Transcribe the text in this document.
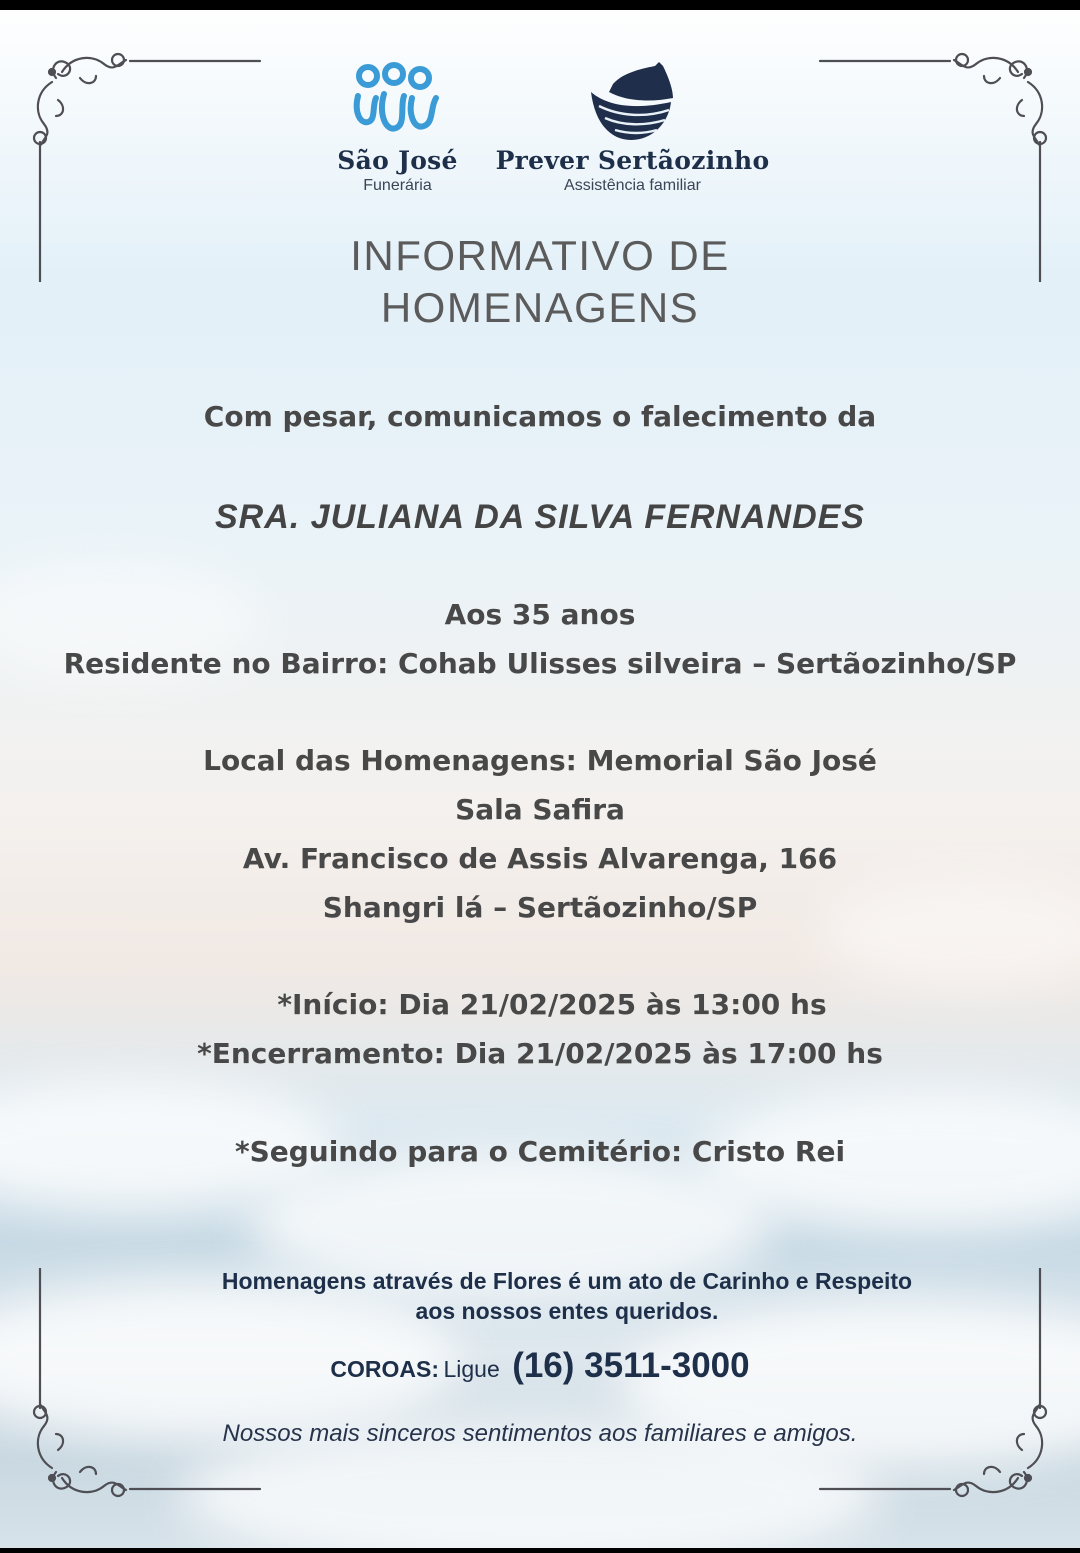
São José
Funerária
Prever Sertãozinho
Assistência familiar
INFORMATIVO DE
HOMENAGENS
Com pesar, comunicamos o falecimento da
SRA. JULIANA DA SILVA FERNANDES
Aos 35 anos
Residente no Bairro: Cohab Ulisses silveira – Sertãozinho/SP
Local das Homenagens: Memorial São José
Sala Safira
Av. Francisco de Assis Alvarenga, 166
Shangri lá – Sertãozinho/SP
*Início: Dia 21/02/2025 às 13:00 hs
*Encerramento: Dia 21/02/2025 às 17:00 hs
*Seguindo para o Cemitério: Cristo Rei
Homenagens através de Flores é um ato de Carinho e Respeito
aos nossos entes queridos.
COROAS: Ligue (16) 3511-3000
Nossos mais sinceros sentimentos aos familiares e amigos.
